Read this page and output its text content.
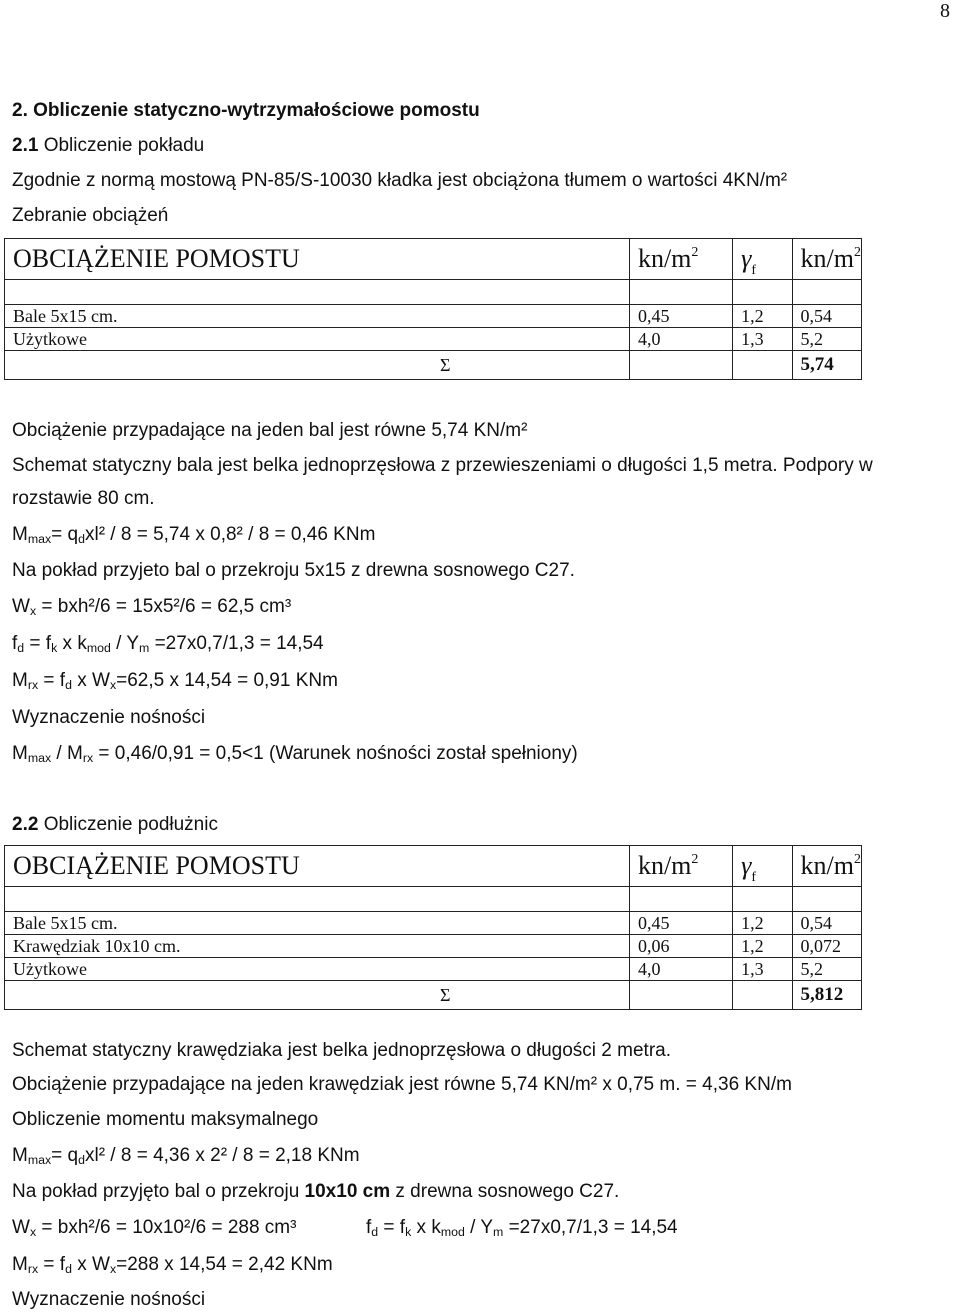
8
2. Obliczenie statyczno-wytrzymałościowe pomostu
2.1 Obliczenie pokładu
Zgodnie z normą mostową PN-85/S-10030 kładka jest obciążona tłumem o wartości 4KN/m²
Zebranie obciążeń
OBCIĄŻENIE POMOSTU	$kn/m^2$	$\gamma_f$	$kn/m^2$

Bale 5x15 cm.	0,45	1,2	0,54
Użytkowe	4,0	1,3	5,2
Σ			5,74
Obciążenie przypadające na jeden bal jest równe 5,74 KN/m²
Schemat statyczny bala jest belka jednoprzęsłowa z przewieszeniami o długości 1,5 metra. Podpory w
rozstawie 80 cm.
$M_{max}= q_dxl^2 / 8 = 5,74$ x 0,8² / 8 = 0,46 KNm
Na pokład przyjeto bal o przekroju 5x15 z drewna sosnowego C27.
$W_x = bxh^2/6 = 15x5^2/6 = 62,5$ cm³
$f_d = f_k$ x $k_{mod} / Y_m =27x0,7/1,3 = 14,54$
$M_{rx} = f_d$ x $W_x=62,5$ x 14,54 = 0,91 KNm
Wyznaczenie nośności
$M_{max} / M_{rx} = 0,46/0,91 = 0,5<1$ (Warunek nośności został spełniony)
2.2 Obliczenie podłużnic
OBCIĄŻENIE POMOSTU	$kn/m^2$	$\gamma_f$	$kn/m^2$

Bale 5x15 cm.	0,45	1,2	0,54
Krawędziak 10x10 cm.	0,06	1,2	0,072
Użytkowe	4,0	1,3	5,2
Σ			5,812
Schemat statyczny krawędziaka jest belka jednoprzęsłowa o długości 2 metra.
Obciążenie przypadające na jeden krawędziak jest równe 5,74 KN/m² x 0,75 m. = 4,36 KN/m
Obliczenie momentu maksymalnego
$M_{max}= q_dxl^2 / 8 = 4,36$ x 2² / 8 = 2,18 KNm
Na pokład przyjęto bal o przekroju 10x10 cm z drewna sosnowego C27.
$W_x = bxh^2/6 = 10x10^2/6 = 288$ cm³	$f_d = f_k$ x $k_{mod} / Y_m =27x0,7/1,3 = 14,54$
$M_{rx} = f_d$ x $W_x=288$ x 14,54 = 2,42 KNm
Wyznaczenie nośności
